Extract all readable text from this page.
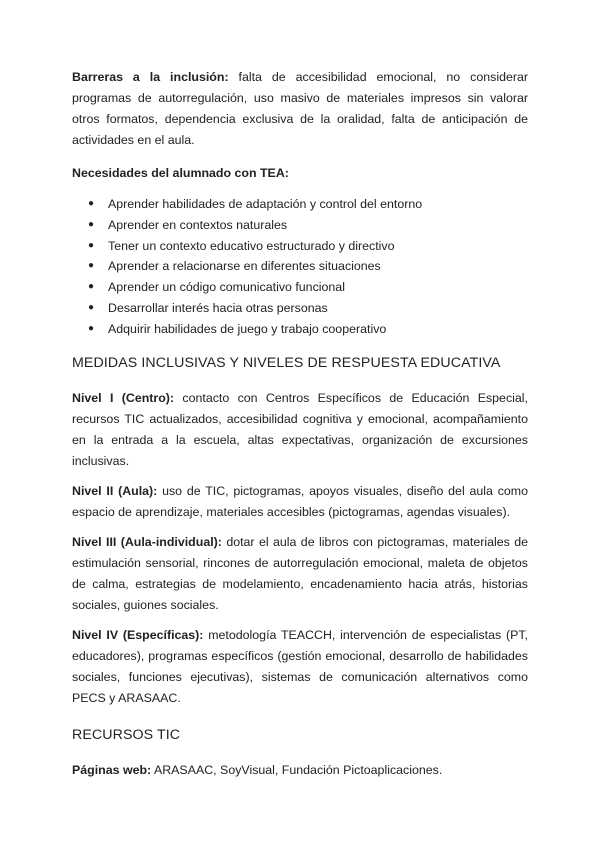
Barreras a la inclusión: falta de accesibilidad emocional, no considerar programas de autorregulación, uso masivo de materiales impresos sin valorar otros formatos, dependencia exclusiva de la oralidad, falta de anticipación de actividades en el aula.

Necesidades del alumnado con TEA:

● Aprender habilidades de adaptación y control del entorno
● Aprender en contextos naturales
● Tener un contexto educativo estructurado y directivo
● Aprender a relacionarse en diferentes situaciones
● Aprender un código comunicativo funcional
● Desarrollar interés hacia otras personas
● Adquirir habilidades de juego y trabajo cooperativo
MEDIDAS INCLUSIVAS Y NIVELES DE RESPUESTA EDUCATIVA

Nivel I (Centro): contacto con Centros Específicos de Educación Especial, recursos TIC actualizados, accesibilidad cognitiva y emocional, acompañamiento en la entrada a la escuela, altas expectativas, organización de excursiones inclusivas.

Nivel II (Aula): uso de TIC, pictogramas, apoyos visuales, diseño del aula como espacio de aprendizaje, materiales accesibles (pictogramas, agendas visuales).

Nivel III (Aula-individual): dotar el aula de libros con pictogramas, materiales de estimulación sensorial, rincones de autorregulación emocional, maleta de objetos de calma, estrategias de modelamiento, encadenamiento hacia atrás, historias sociales, guiones sociales.

Nivel IV (Específicas): metodología TEACCH, intervención de especialistas (PT, educadores), programas específicos (gestión emocional, desarrollo de habilidades sociales, funciones ejecutivas), sistemas de comunicación alternativos como PECS y ARASAAC.

RECURSOS TIC

Páginas web: ARASAAC, SoyVisual, Fundación Pictoaplicaciones.
